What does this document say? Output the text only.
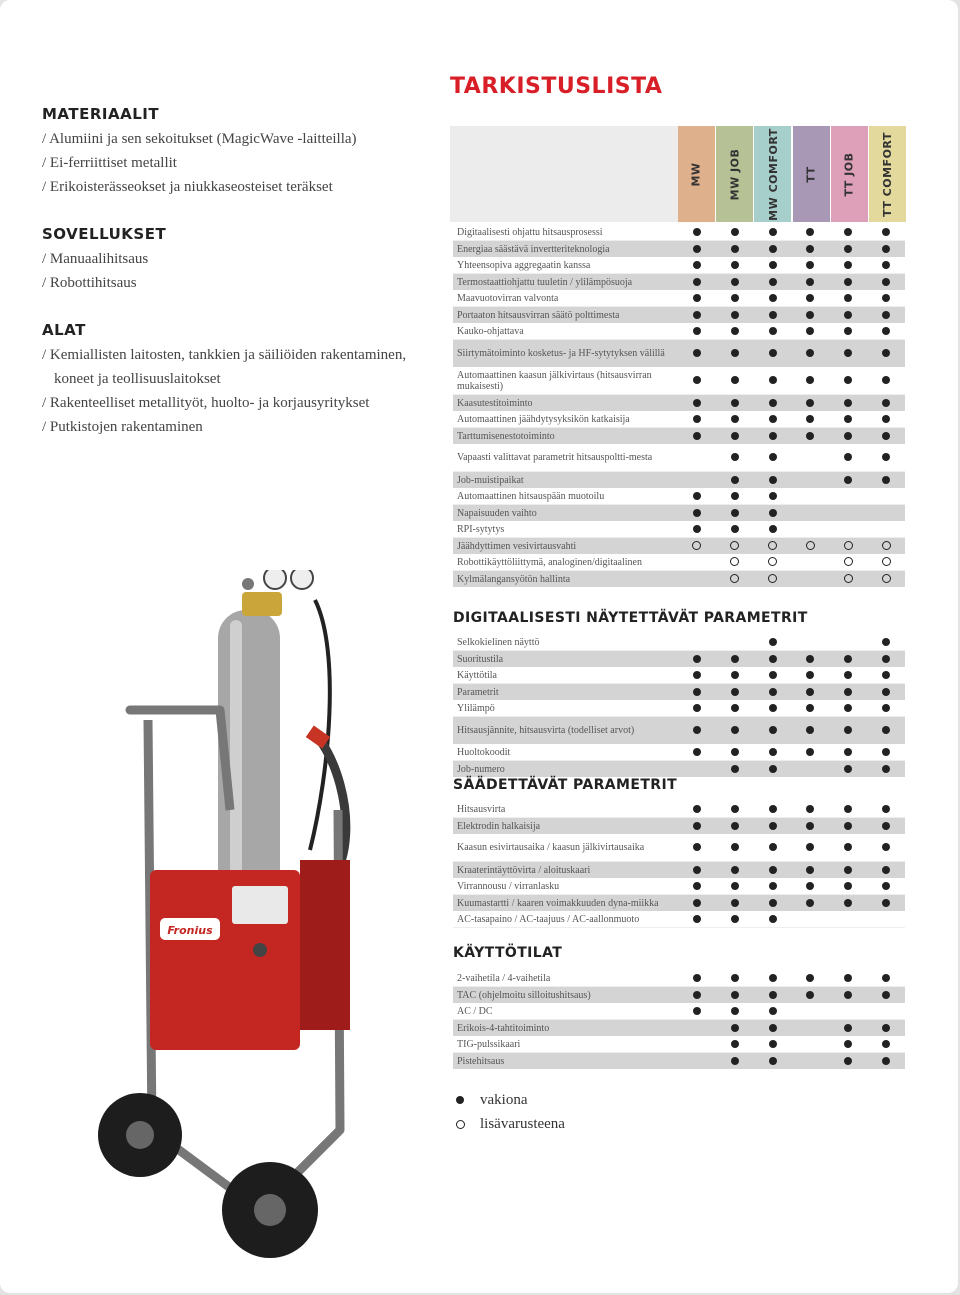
MATERIAALIT
/ Alumiini ja sen sekoitukset (MagicWave -laitteilla)
/ Ei-ferriittiset metallit
/ Erikoisterässeokset ja niukkaseosteiset teräkset
SOVELLUKSET
/ Manuaalihitsaus
/ Robottihitsaus
ALAT
/ Kemiallisten laitosten, tankkien ja säiliöiden rakentaminen, koneet ja teollisuuslaitokset
/ Rakenteelliset metallityöt, huolto- ja korjausyritykset
/ Putkistojen rakentaminen
Fronius
TARKISTUSLISTA
MW MW JOB MW COMFORT TT TT JOB TT COMFORT
Digitaalisesti ohjattu hitsausprosessi
Energiaa säästävä invertteriteknologia
Yhteensopiva aggregaatin kanssa
Termostaattiohjattu tuuletin / ylilämpösuoja
Maavuotovirran valvonta
Portaaton hitsausvirran säätö polttimesta
Kauko-ohjattava
Siirtymätoiminto kosketus- ja HF-sytytyksen välillä
Automaattinen kaasun jälkivirtaus (hitsausvirran mukaisesti)
Kaasutestitoiminto
Automaattinen jäähdytysyksikön katkaisija
Tarttumisenestotoiminto
Vapaasti valittavat parametrit hitsauspoltti-mesta
Job-muistipaikat
Automaattinen hitsauspään muotoilu
Napaisuuden vaihto
RPI-sytytys
Jäähdyttimen vesivirtausvahti
Robottikäyttöliittymä, analoginen/digitaalinen
Kylmälangansyötön hallinta
DIGITAALISESTI NÄYTETTÄVÄT PARAMETRIT
Selkokielinen näyttö
Suoritustila
Käyttötila
Parametrit
Ylilämpö
Hitsausjännite, hitsausvirta (todelliset arvot)
Huoltokoodit
Job-numero
SÄÄDETTÄVÄT PARAMETRIT
Hitsausvirta
Elektrodin halkaisija
Kaasun esivirtausaika / kaasun jälkivirtausaika
Kraaterintäyttövirta / aloituskaari
Virrannousu / virranlasku
Kuumastartti / kaaren voimakkuuden dyna-miikka
AC-tasapaino / AC-taajuus / AC-aallonmuoto
KÄYTTÖTILAT
2-vaihetila / 4-vaihetila
TAC (ohjelmoitu silloitushitsaus)
AC / DC
Erikois-4-tahtitoiminto
TIG-pulssikaari
Pistehitsaus
vakiona
lisävarusteena
